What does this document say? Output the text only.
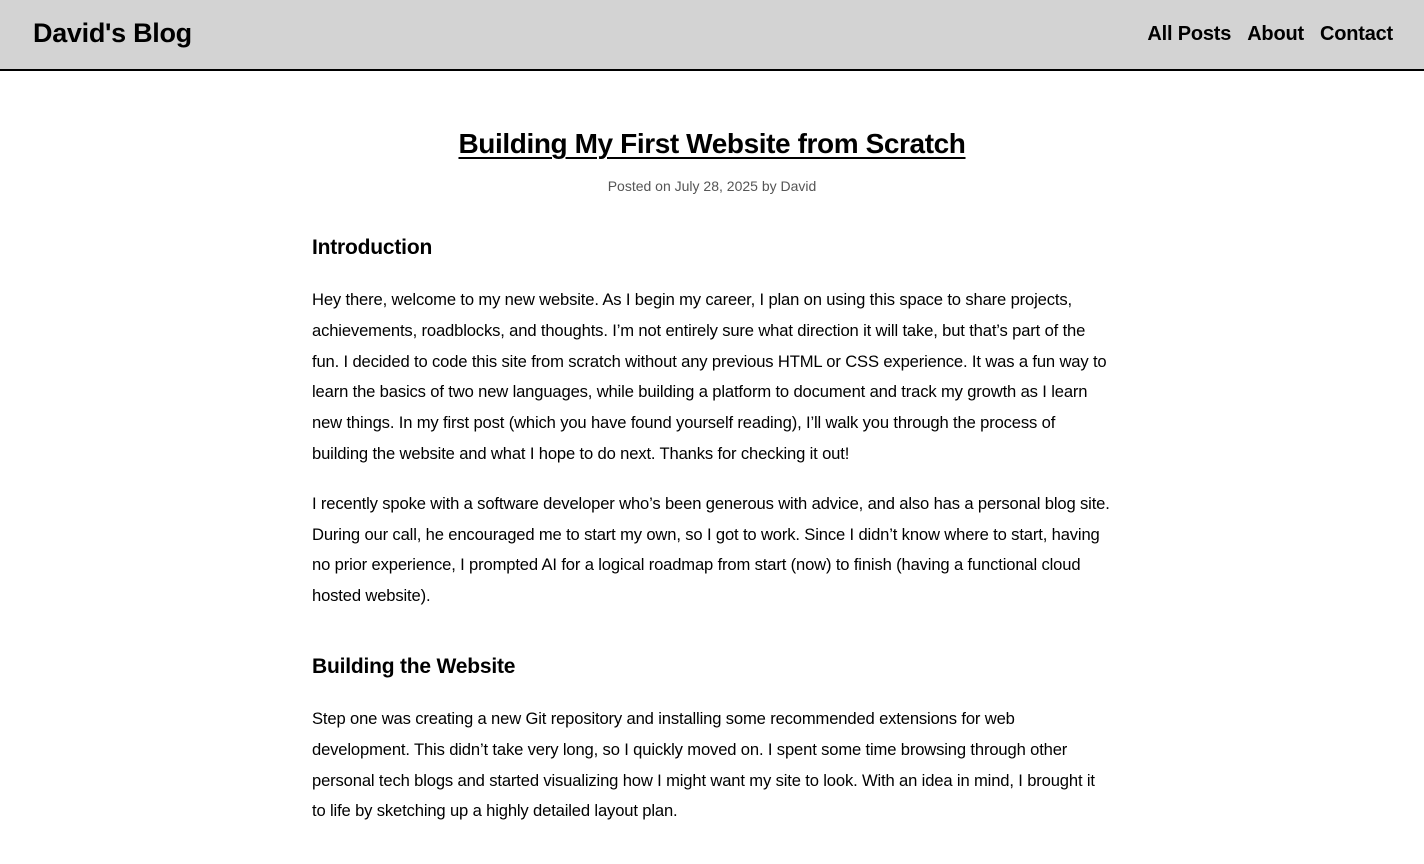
David's Blog	All Posts About Contact
Building My First Website from Scratch

Posted on July 28, 2025 by David

Introduction

Hey there, welcome to my new website. As I begin my career, I plan on using this space to share projects, achievements, roadblocks, and thoughts. I’m not entirely sure what direction it will take, but that’s part of the fun. I decided to code this site from scratch without any previous HTML or CSS experience. It was a fun way to learn the basics of two new languages, while building a platform to document and track my growth as I learn new things. In my first post (which you have found yourself reading), I’ll walk you through the process of building the website and what I hope to do next. Thanks for checking it out!

I recently spoke with a software developer who’s been generous with advice, and also has a personal blog site. During our call, he encouraged me to start my own, so I got to work. Since I didn’t know where to start, having no prior experience, I prompted AI for a logical roadmap from start (now) to finish (having a functional cloud hosted website).

Building the Website

Step one was creating a new Git repository and installing some recommended extensions for web development. This didn’t take very long, so I quickly moved on. I spent some time browsing through other personal tech blogs and started visualizing how I might want my site to look. With an idea in mind, I brought it to life by sketching up a highly detailed layout plan.
